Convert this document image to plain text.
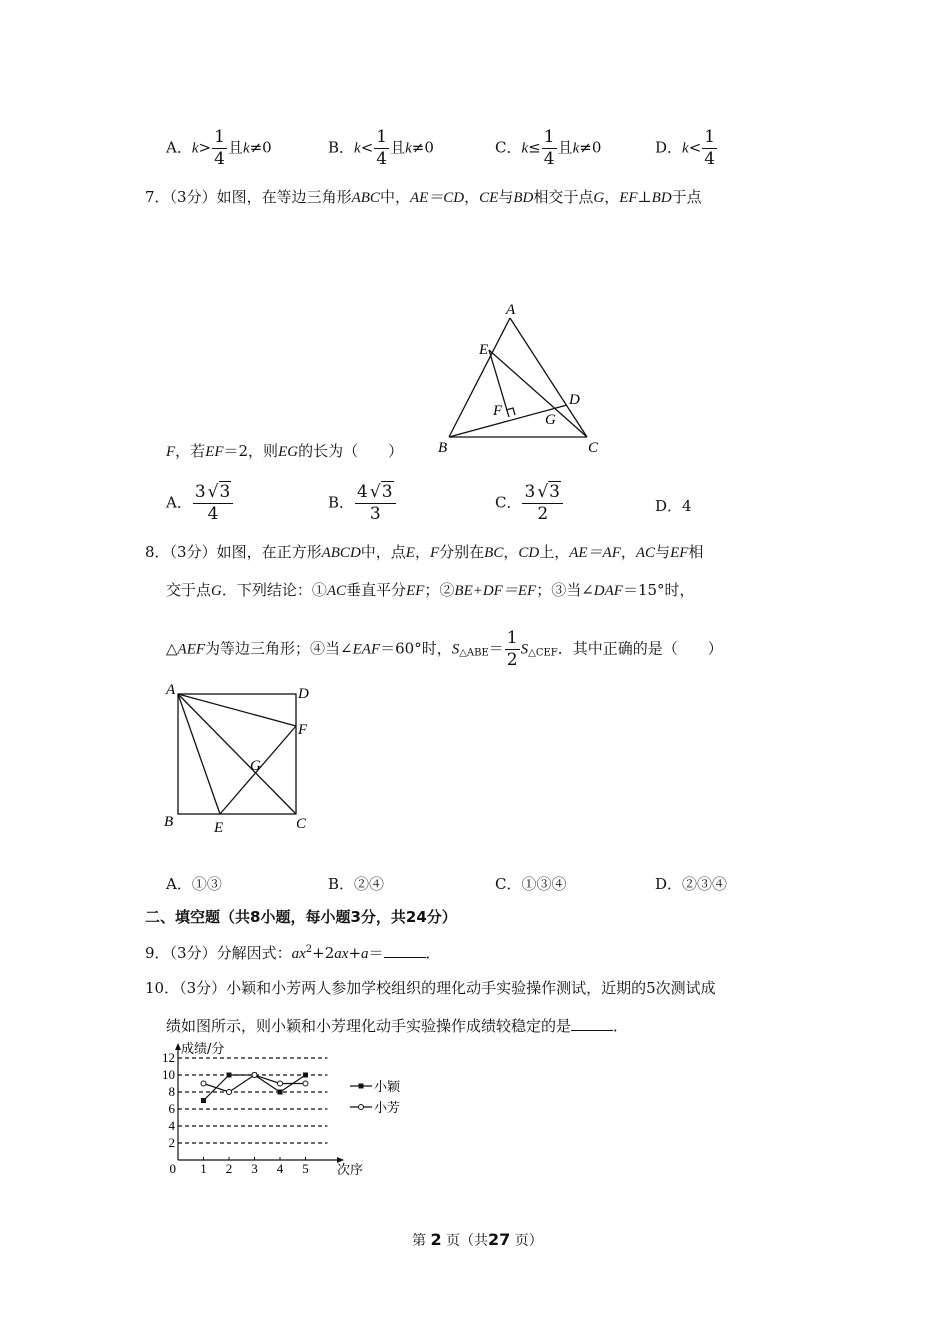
A．$k> \frac{1}{4}$ 且k≠0	B．$k< \frac{1}{4}$ 且k≠0	C．$k\le \frac{1}{4}$ 且k≠0	D．$k< \frac{1}{4}$
7．（3分）如图，在等边三角形ABC中，AE＝CD，CE与BD相交于点G，EF⊥BD于点
A
E
D
F
G
B	C
F，若EF＝2，则EG的长为（　　）
A． $\frac{3 √3}{4}$	B． $\frac{4 √3}{3}$	C． $\frac{3 √3}{2}$	D．4
8．（3分）如图，在正方形ABCD中，点E，F分别在BC，CD上，AE＝AF，AC与EF相
交于点G．下列结论：①AC垂直平分EF；②BE+DF＝EF；③当∠DAF＝15°时，
△AEF为等边三角形；④当∠EAF＝60°时，$S_{\triangle ABE}= \frac{1}{2} S_{\triangle CEF}$．其中正确的是（　　）
A	D
F
G
B	E	C
A．①③	B．②④	C．①③④	D．②③④
二、填空题（共8小题，每小题3分，共24分）
9．（3分）分解因式：$ax^2+2ax+a=$	．
10．（3分）小颖和小芳两人参加学校组织的理化动手实验操作测试，近期的5次测试成
绩如图所示，则小颖和小芳理化动手实验操作成绩较稳定的是	．
2
4
6
8
10
12
0 1 2 3 4 5
成绩/分
次序
小颖
小芳
第 2 页（共27 页）
